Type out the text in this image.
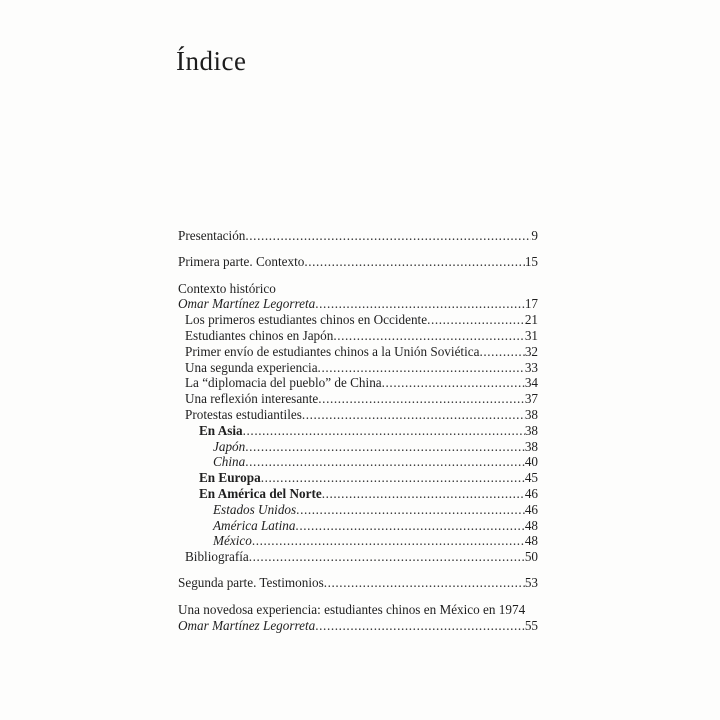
Índice
Presentación .....	9
Primera parte. Contexto .....	15
Contexto histórico
Omar Martínez Legorreta .....	17
Los primeros estudiantes chinos en Occidente .....	21
Estudiantes chinos en Japón .....	31
Primer envío de estudiantes chinos a la Unión Soviética .....	32
Una segunda experiencia .....	33
La “diplomacia del pueblo” de China .....	34
Una reflexión interesante .....	37
Protestas estudiantiles .....	38
En Asia .....	38
Japón .....	38
China .....	40
En Europa .....	45
En América del Norte .....	46
Estados Unidos .....	46
América Latina .....	48
México .....	48
Bibliografía .....	50
Segunda parte. Testimonios .....	53
Una novedosa experiencia: estudiantes chinos en México en 1974
Omar Martínez Legorreta .....	55
